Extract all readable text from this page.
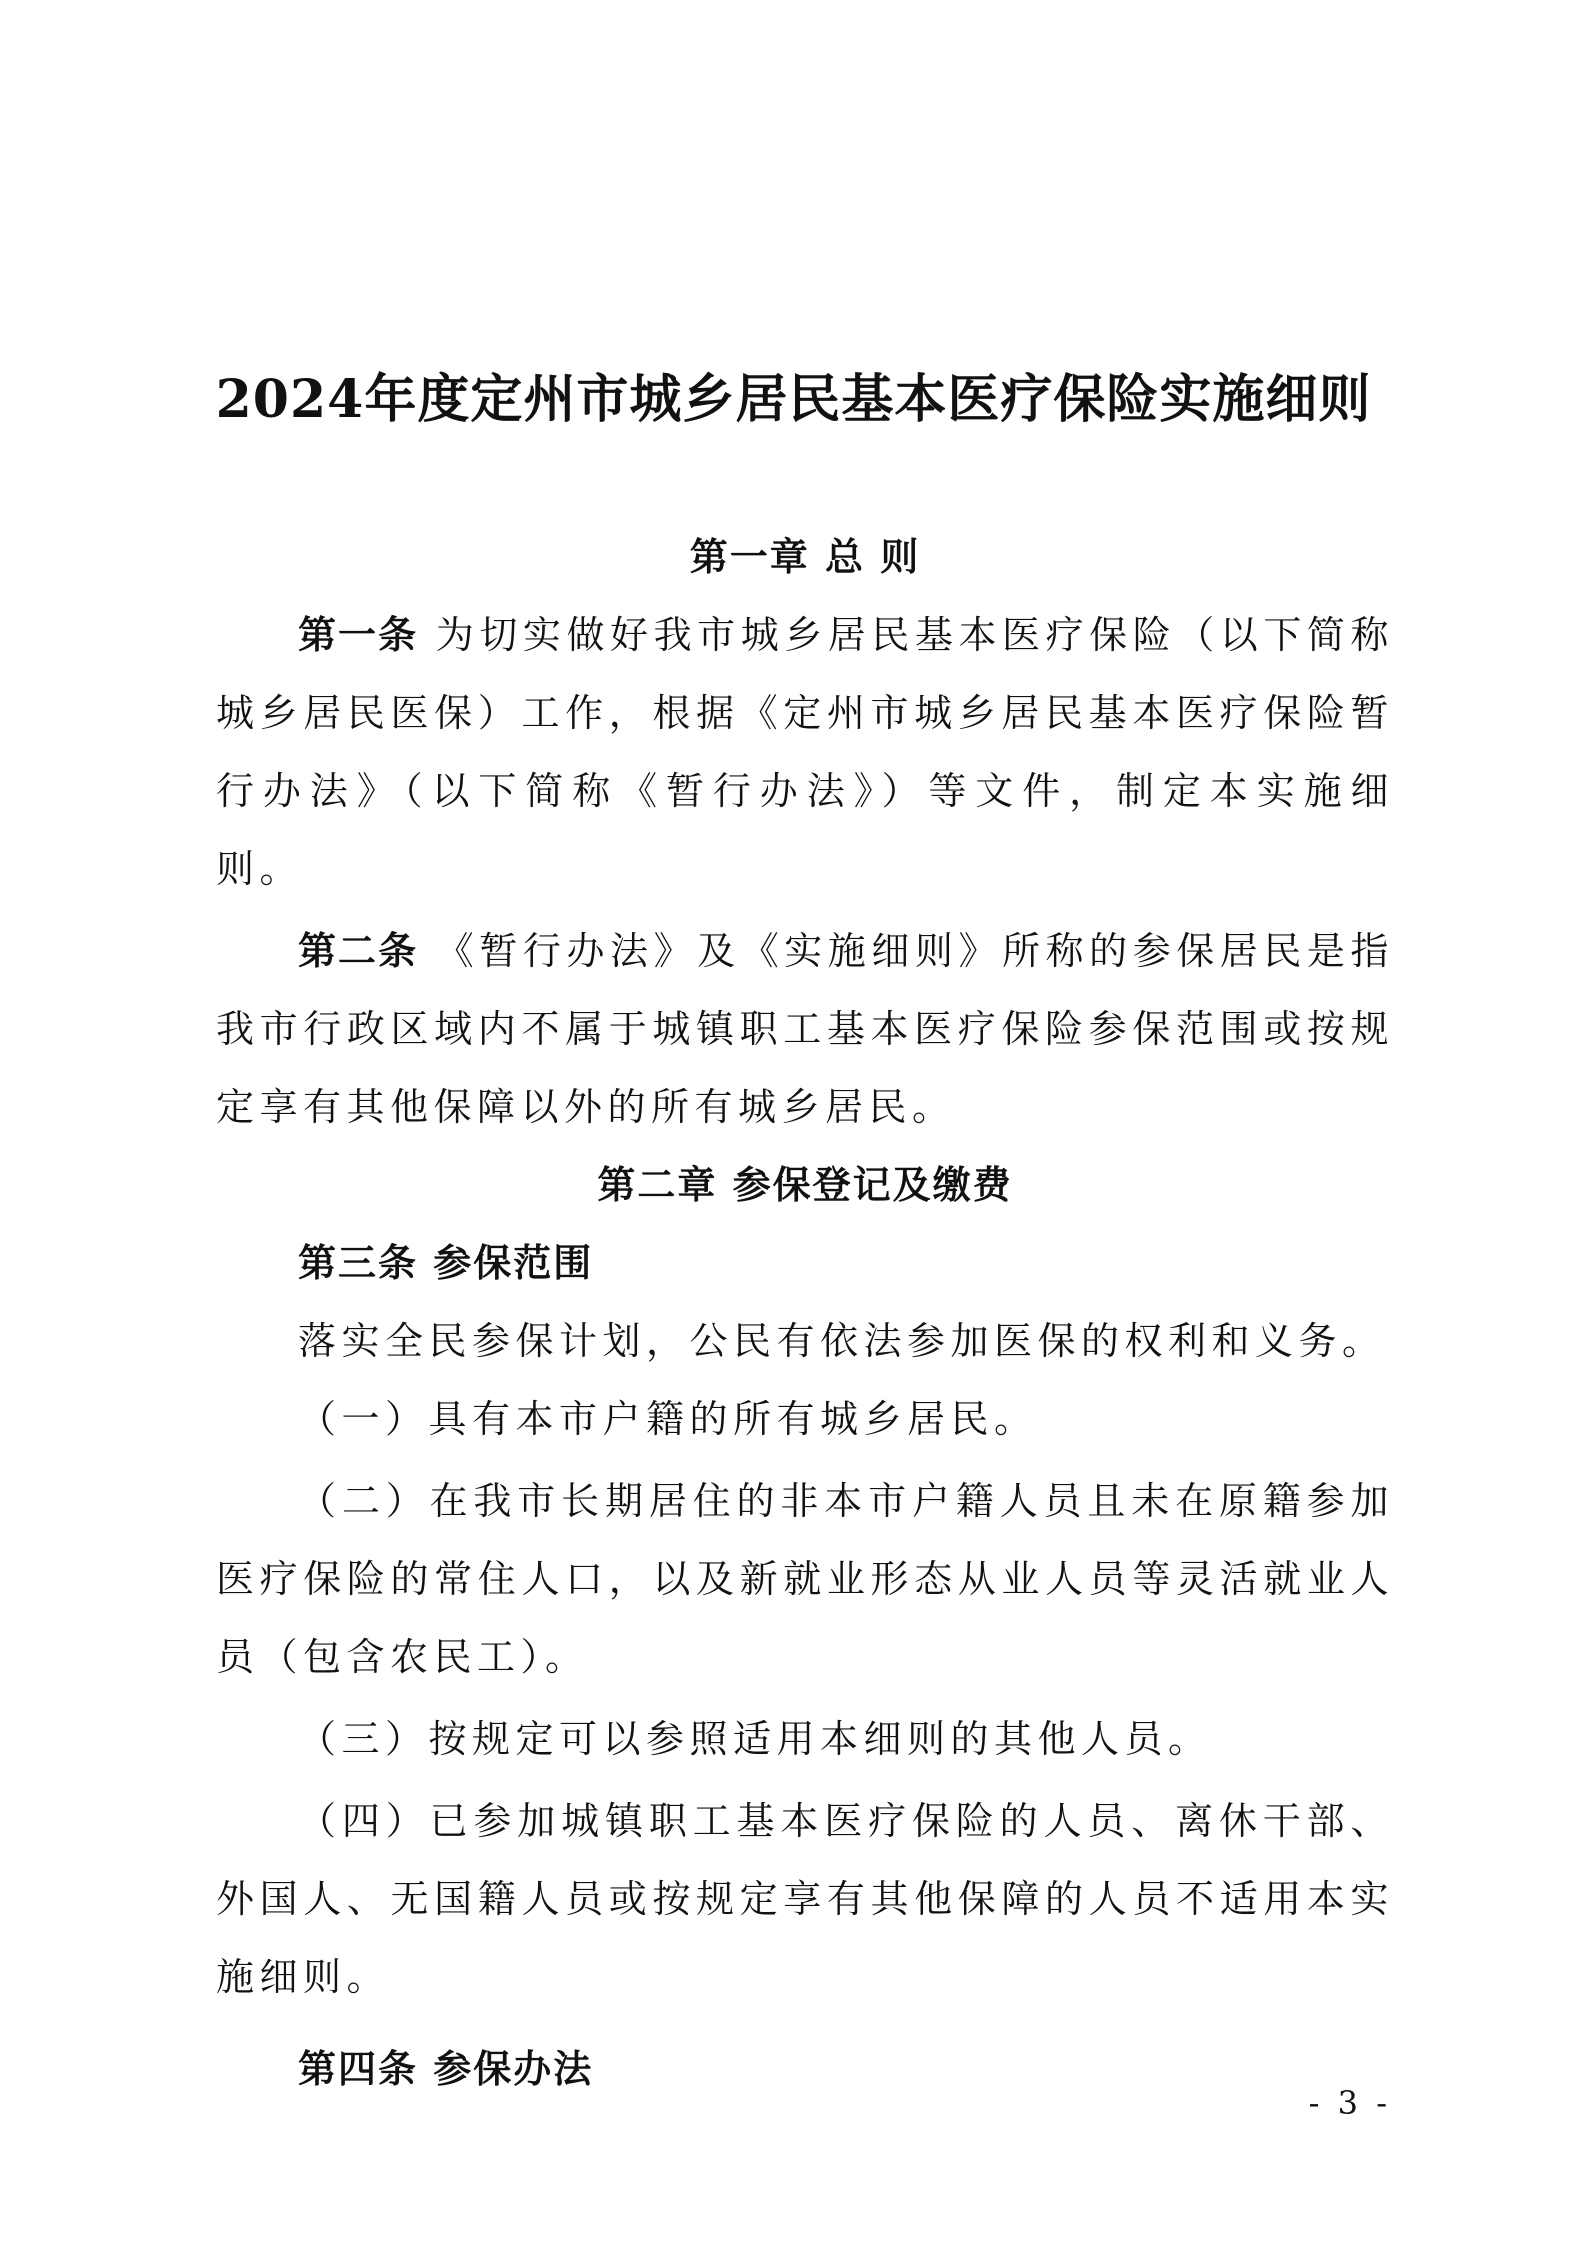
2024年度定州市城乡居民基本医疗保险实施细则

第一章 总 则

第一条 为切实做好我市城乡居民基本医疗保险（以下简称城乡居民医保）工作，根据《定州市城乡居民基本医疗保险暂行办法》（以下简称《暂行办法》）等文件，制定本实施细则。

第二条 《暂行办法》及《实施细则》所称的参保居民是指我市行政区域内不属于城镇职工基本医疗保险参保范围或按规定享有其他保障以外的所有城乡居民。

第二章 参保登记及缴费

第三条 参保范围

落实全民参保计划，公民有依法参加医保的权利和义务。

（一）具有本市户籍的所有城乡居民。

（二）在我市长期居住的非本市户籍人员且未在原籍参加医疗保险的常住人口，以及新就业形态从业人员等灵活就业人员（包含农民工）。

（三）按规定可以参照适用本细则的其他人员。

（四）已参加城镇职工基本医疗保险的人员、离休干部、外国人、无国籍人员或按规定享有其他保障的人员不适用本实施细则。

第四条 参保办法

- 3 -
